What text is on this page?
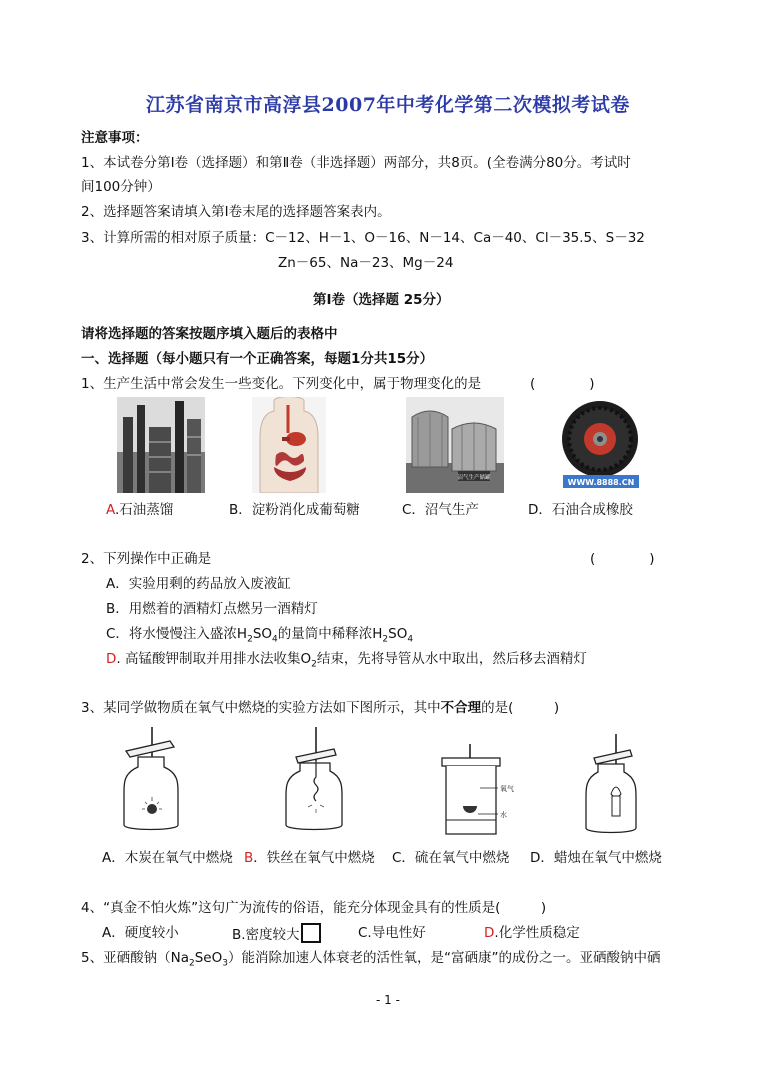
江苏省南京市高淳县2007年中考化学第二次模拟考试卷
注意事项：
1、本试卷分第Ⅰ卷（选择题）和第Ⅱ卷（非选择题）两部分，共8页。(全卷满分80分。考试时
间100分钟）
2、选择题答案请填入第Ⅰ卷末尾的选择题答案表内。
3、计算所需的相对原子质量：C－12、H－1、O－16、N－14、Ca－40、Cl－35.5、S－32
Zn－65、Na－23、Mg－24
第Ⅰ卷（选择题 25分）
请将选择题的答案按题序填入题后的表格中
一、选择题（每小题只有一个正确答案，每题1分共15分）
1、生产生活中常会发生一些变化。下列变化中，属于物理变化的是	(　　　　)
沼气生产储罐	WWW.8888.CN
A.石油蒸馏	B．淀粉消化成葡萄糖	C．沼气生产	D．石油合成橡胶
2、下列操作中正确是	(　　　　)
A．实验用剩的药品放入废液缸
B．用燃着的酒精灯点燃另一酒精灯
C．将水慢慢注入盛浓$H_2SO_4$的量筒中稀释浓$H_2SO_4$
D. 高锰酸钾制取并用排水法收集$O_2$结束，先将导管从水中取出，然后移去酒精灯
3、某同学做物质在氧气中燃烧的实验方法如下图所示，其中不合理的是(　　　)
氧气
水
A．木炭在氧气中燃烧 B．铁丝在氧气中燃烧 C．硫在氧气中燃烧 D．蜡烛在氧气中燃烧
4、“真金不怕火炼”这句广为流传的俗语，能充分体现金具有的性质是(　　　)
A．硬度较小	B.密度较大	C.导电性好	D.化学性质稳定
5、亚硒酸钠$(Na_2SeO_3)$能消除加速人体衰老的活性氧，是“富硒康”的成份之一。亚硒酸钠中硒
- 1 -
